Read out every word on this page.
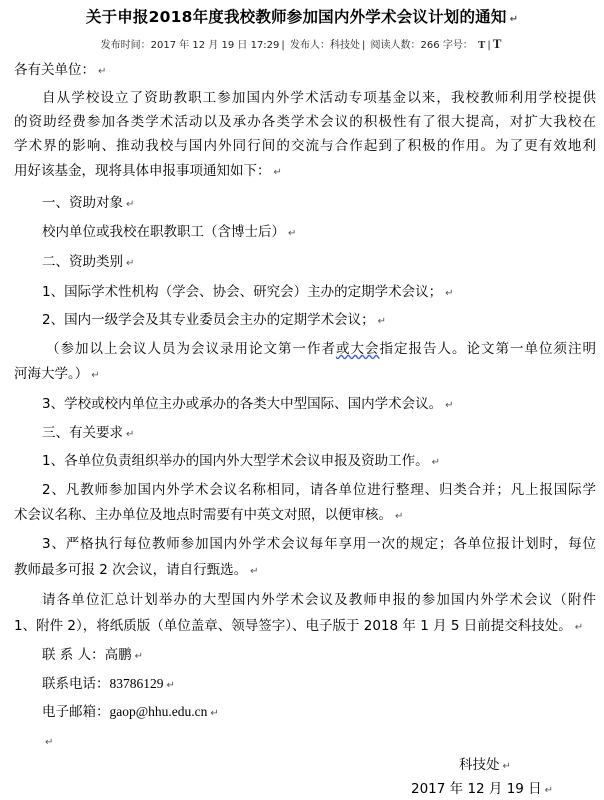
关于申报2018年度我校教师参加国内外学术会议计划的通知 ↵
发布时间：2017 年 12 月 19 日 17:29 | 发布人：科技处 | 阅读人数：266 字号： T | T
各有关单位： ↵
自从学校设立了资助教职工参加国内外学术活动专项基金以来，我校教师利用学校提供
的资助经费参加各类学术活动以及承办各类学术会议的积极性有了很大提高，对扩大我校在
学术界的影响、推动我校与国内外同行间的交流与合作起到了积极的作用。为了更有效地利
用好该基金，现将具体申报事项通知如下： ↵
一、资助对象 ↵
校内单位或我校在职教职工（含博士后） ↵
二、资助类别 ↵
1、国际学术性机构（学会、协会、研究会）主办的定期学术会议； ↵
2、国内一级学会及其专业委员会主办的定期学术会议； ↵
（参加以上会议人员为会议录用论文第一作者或大会指定报告人。论文第一单位须注明
河海大学。） ↵
3、学校或校内单位主办或承办的各类大中型国际、国内学术会议。 ↵
三、有关要求 ↵
1、各单位负责组织举办的国内外大型学术会议申报及资助工作。 ↵
2、凡教师参加国内外学术会议名称相同，请各单位进行整理、归类合并；凡上报国际学
术会议名称、主办单位及地点时需要有中英文对照，以便审核。 ↵
3、严格执行每位教师参加国内外学术会议每年享用一次的规定；各单位报计划时，每位
教师最多可报 2 次会议，请自行甄选。 ↵
请各单位汇总计划举办的大型国内外学术会议及教师申报的参加国内外学术会议（附件
1、附件 2），将纸质版（单位盖章、领导签字）、电子版于 2018 年 1 月 5 日前提交科技处。 ↵
联 系 人：高鹏 ↵
联系电话：83786129 ↵
电子邮箱：gaop@hhu.edu.cn ↵
↵
科技处 ↵
2017 年 12 月 19 日 ↵
